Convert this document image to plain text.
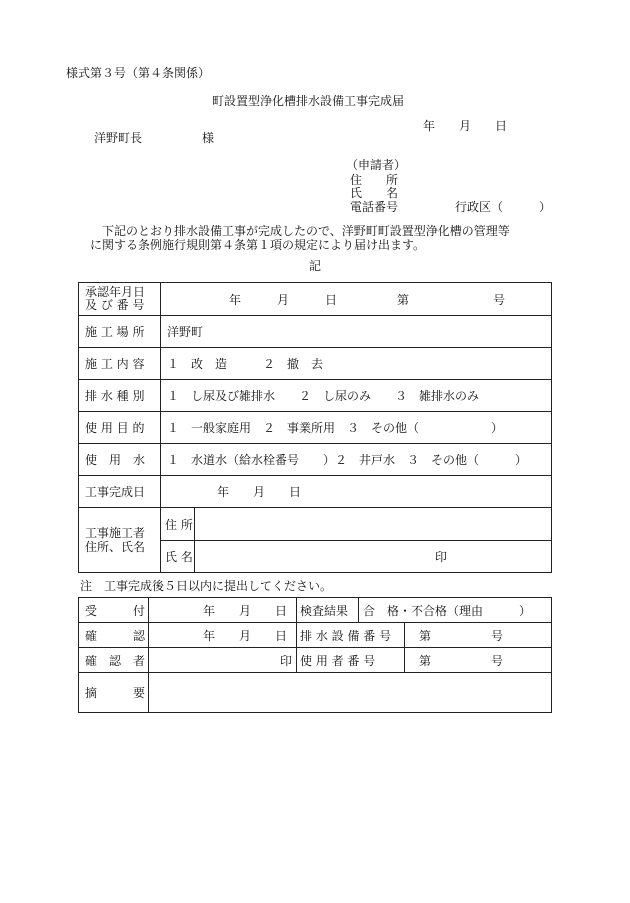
様式第３号（第４条関係）
町設置型浄化槽排水設備工事完成届
年　　月　　日
洋野町長　　　　　様
（申請者）
住　　所
氏　　名
電話番号	行政区（　　　）
　下記のとおり排水設備工事が完成したので、洋野町町設置型浄化槽の管理等
に関する条例施行規則第４条第１項の規定により届け出ます。
記
承認年月日
及 び 番 号	年　　　月　　　日　　　　　第　　　　　　　号	
施 工 場 所	洋野町	
施 工 内 容	１　改　造　　　２　撤　去	
排 水 種 別	１　し尿及び雑排水　　２　し尿のみ　　３　雑排水のみ	
使 用 目 的	１　一般家庭用　２　事業所用　３　その他（　　　　　　）	
使　用　水	１　水道水（給水栓番号　　）２　井戸水　３　その他（　　　）	
工事完成日	年　　月　　日	

工事施工者
住所、氏名	住 所	
	氏 名	印
注　工事完成後５日以内に提出してください。
受　　　付	年　　月　　日	検査結果	合　格・不合格（理由　　　）	
確　　　認	年　　月　　日	排 水 設 備 番 号		第　　　　　号
確　認　者	印	使 用 者 番 号		第　　　　　号
摘　　　要				
